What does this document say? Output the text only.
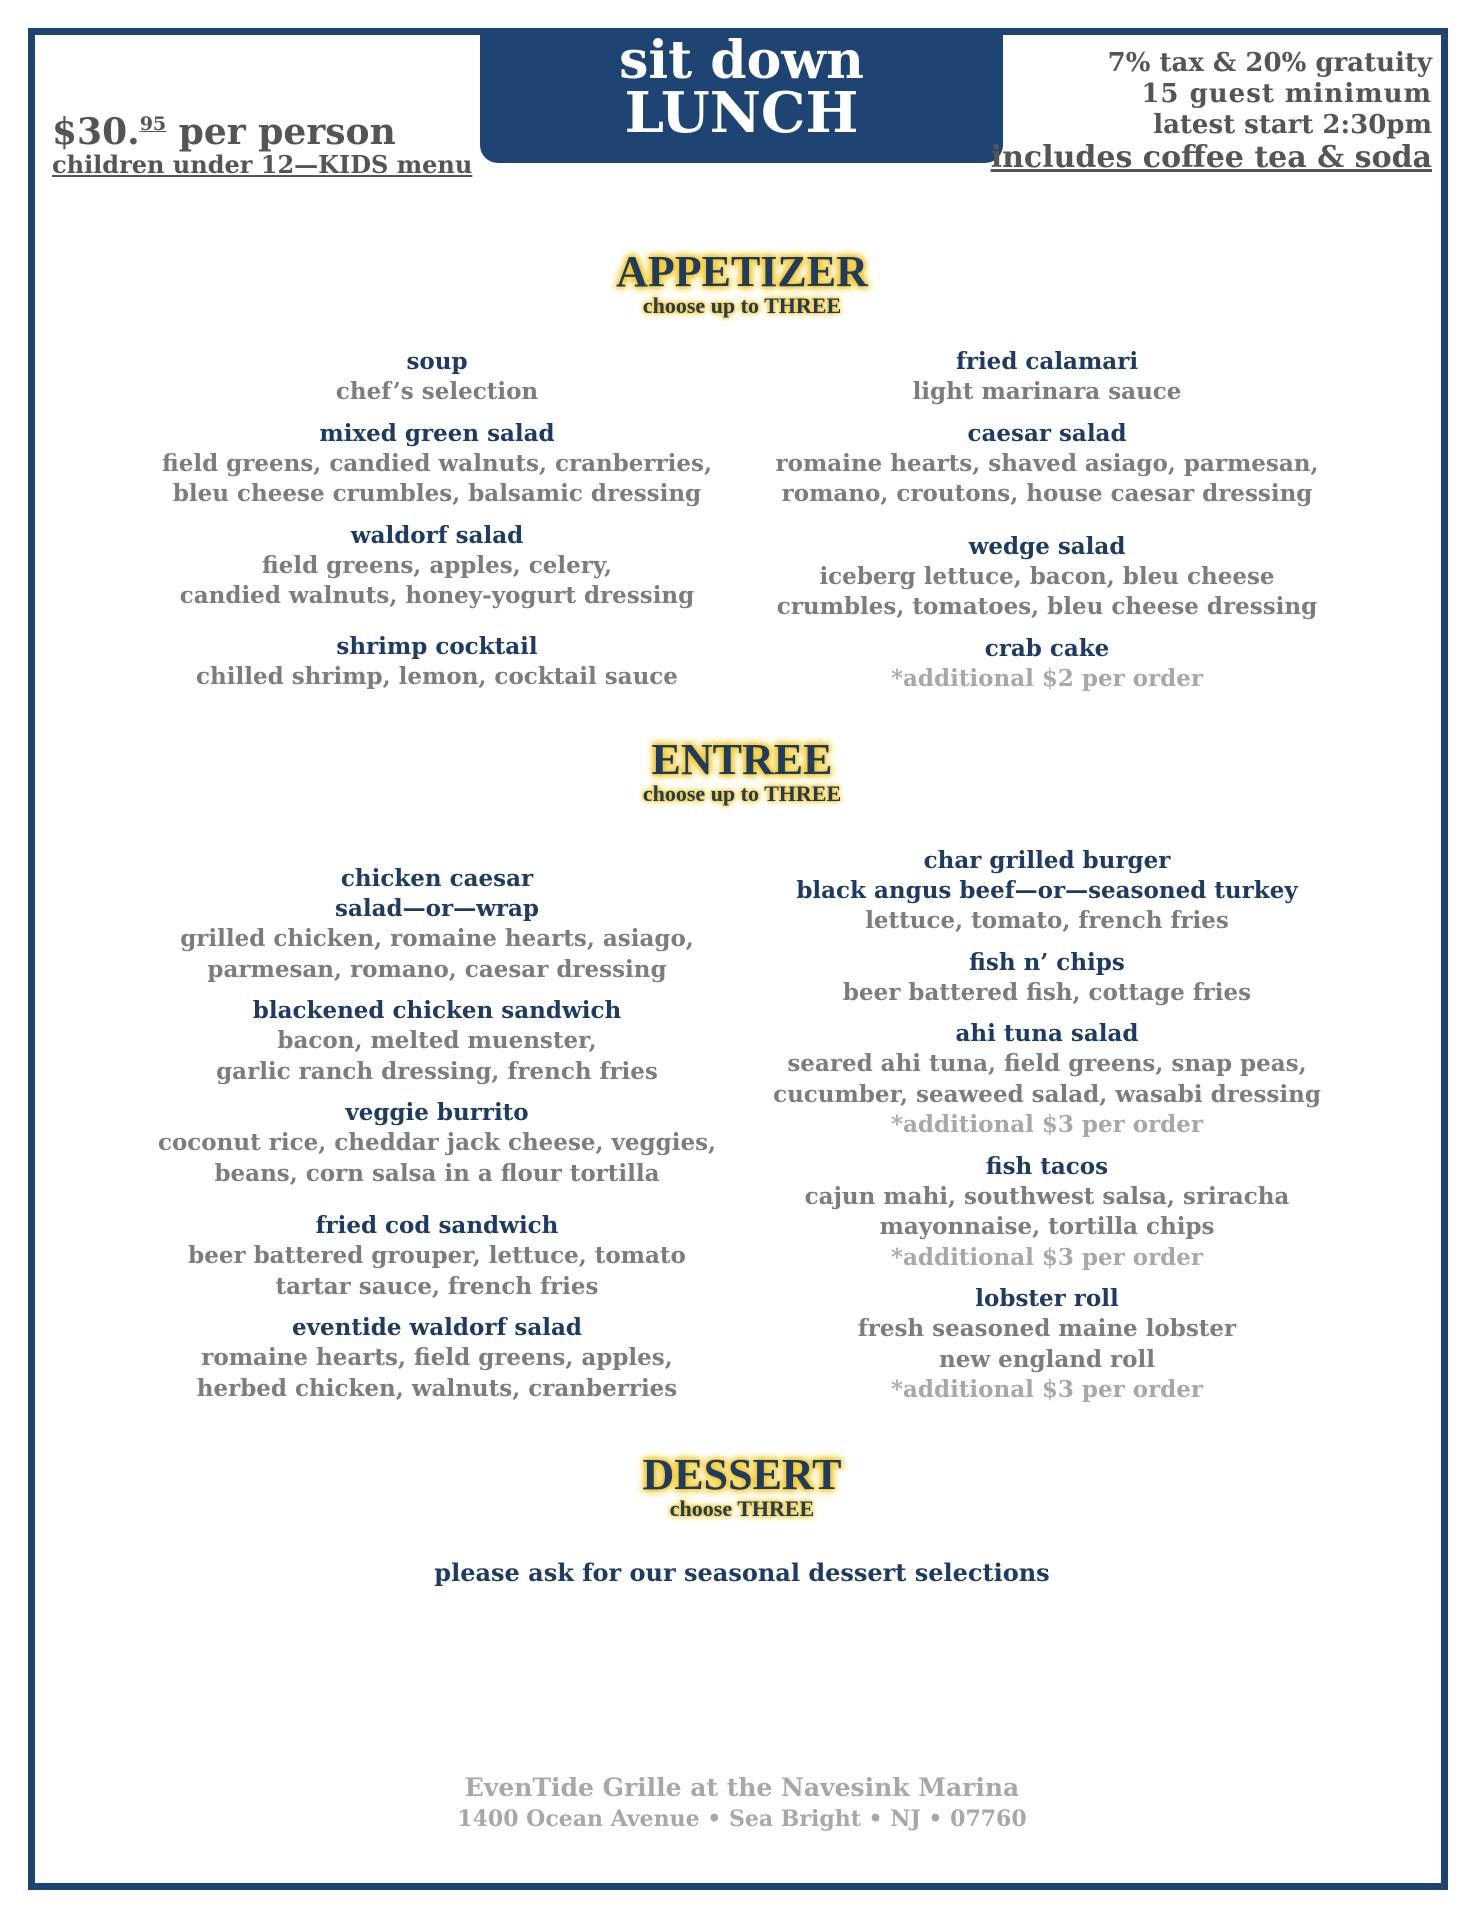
sit down
LUNCH
$30.95 per person
children under 12—KIDS menu
7% tax & 20% gratuity
15 guest minimum
latest start 2:30pm
includes coffee tea & soda
APPETIZER
choose up to THREE
soup
chef’s selection
mixed green salad
field greens, candied walnuts, cranberries,
bleu cheese crumbles, balsamic dressing
waldorf salad
field greens, apples, celery,
candied walnuts, honey-yogurt dressing
shrimp cocktail
chilled shrimp, lemon, cocktail sauce
fried calamari
light marinara sauce
caesar salad
romaine hearts, shaved asiago, parmesan,
romano, croutons, house caesar dressing
wedge salad
iceberg lettuce, bacon, bleu cheese
crumbles, tomatoes, bleu cheese dressing
crab cake
*additional $2 per order
ENTREE
choose up to THREE
chicken caesar
salad—or—wrap
grilled chicken, romaine hearts, asiago,
parmesan, romano, caesar dressing
blackened chicken sandwich
bacon, melted muenster,
garlic ranch dressing, french fries
veggie burrito
coconut rice, cheddar jack cheese, veggies,
beans, corn salsa in a flour tortilla
fried cod sandwich
beer battered grouper, lettuce, tomato
tartar sauce, french fries
eventide waldorf salad
romaine hearts, field greens, apples,
herbed chicken, walnuts, cranberries
char grilled burger
black angus beef—or—seasoned turkey
lettuce, tomato, french fries
fish n’ chips
beer battered fish, cottage fries
ahi tuna salad
seared ahi tuna, field greens, snap peas,
cucumber, seaweed salad, wasabi dressing
*additional $3 per order
fish tacos
cajun mahi, southwest salsa, sriracha
mayonnaise, tortilla chips
*additional $3 per order
lobster roll
fresh seasoned maine lobster
new england roll
*additional $3 per order
DESSERT
choose THREE
please ask for our seasonal dessert selections
EvenTide Grille at the Navesink Marina
1400 Ocean Avenue • Sea Bright • NJ • 07760
